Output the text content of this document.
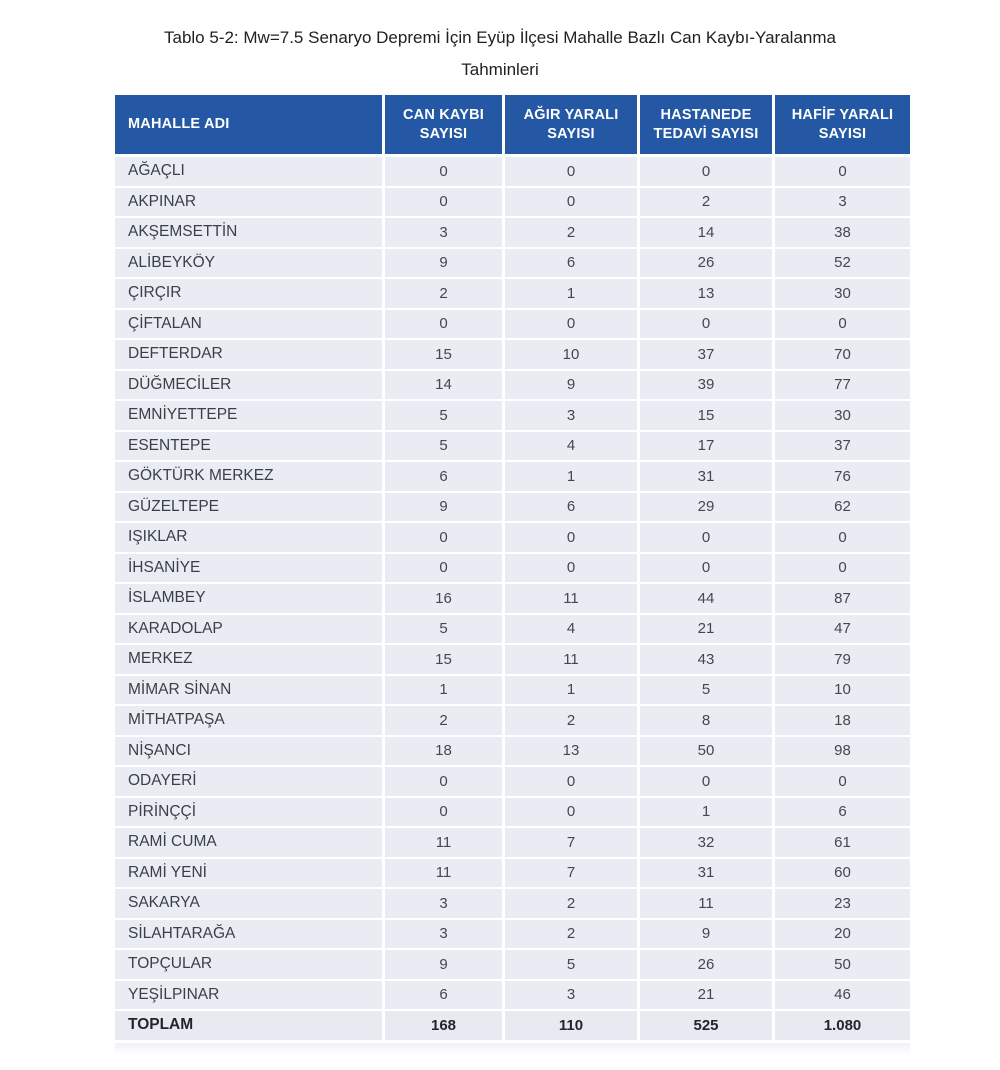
Tablo 5-2: Mw=7.5 Senaryo Depremi İçin Eyüp İlçesi Mahalle Bazlı Can Kaybı-Yaralanma
Tahminleri
MAHALLE ADI	CAN KAYBI SAYISI	AĞIR YARALI SAYISI	HASTANEDE TEDAVİ SAYISI	HAFİF YARALI SAYISI
AĞAÇLI	0	0	0	0
AKPINAR	0	0	2	3
AKŞEMSETTİN	3	2	14	38
ALİBEYKÖY	9	6	26	52
ÇIRÇIR	2	1	13	30
ÇİFTALAN	0	0	0	0
DEFTERDAR	15	10	37	70
DÜĞMECİLER	14	9	39	77
EMNİYETTEPE	5	3	15	30
ESENTEPE	5	4	17	37
GÖKTÜRK MERKEZ	6	1	31	76
GÜZELTEPE	9	6	29	62
IŞIKLAR	0	0	0	0
İHSANİYE	0	0	0	0
İSLAMBEY	16	11	44	87
KARADOLAP	5	4	21	47
MERKEZ	15	11	43	79
MİMAR SİNAN	1	1	5	10
MİTHATPAŞA	2	2	8	18
NİŞANCI	18	13	50	98
ODAYERİ	0	0	0	0
PİRİNÇÇİ	0	0	1	6
RAMİ CUMA	11	7	32	61
RAMİ YENİ	11	7	31	60
SAKARYA	3	2	11	23
SİLAHTARAĞA	3	2	9	20
TOPÇULAR	9	5	26	50
YEŞİLPINAR	6	3	21	46
TOPLAM	168	110	525	1.080
